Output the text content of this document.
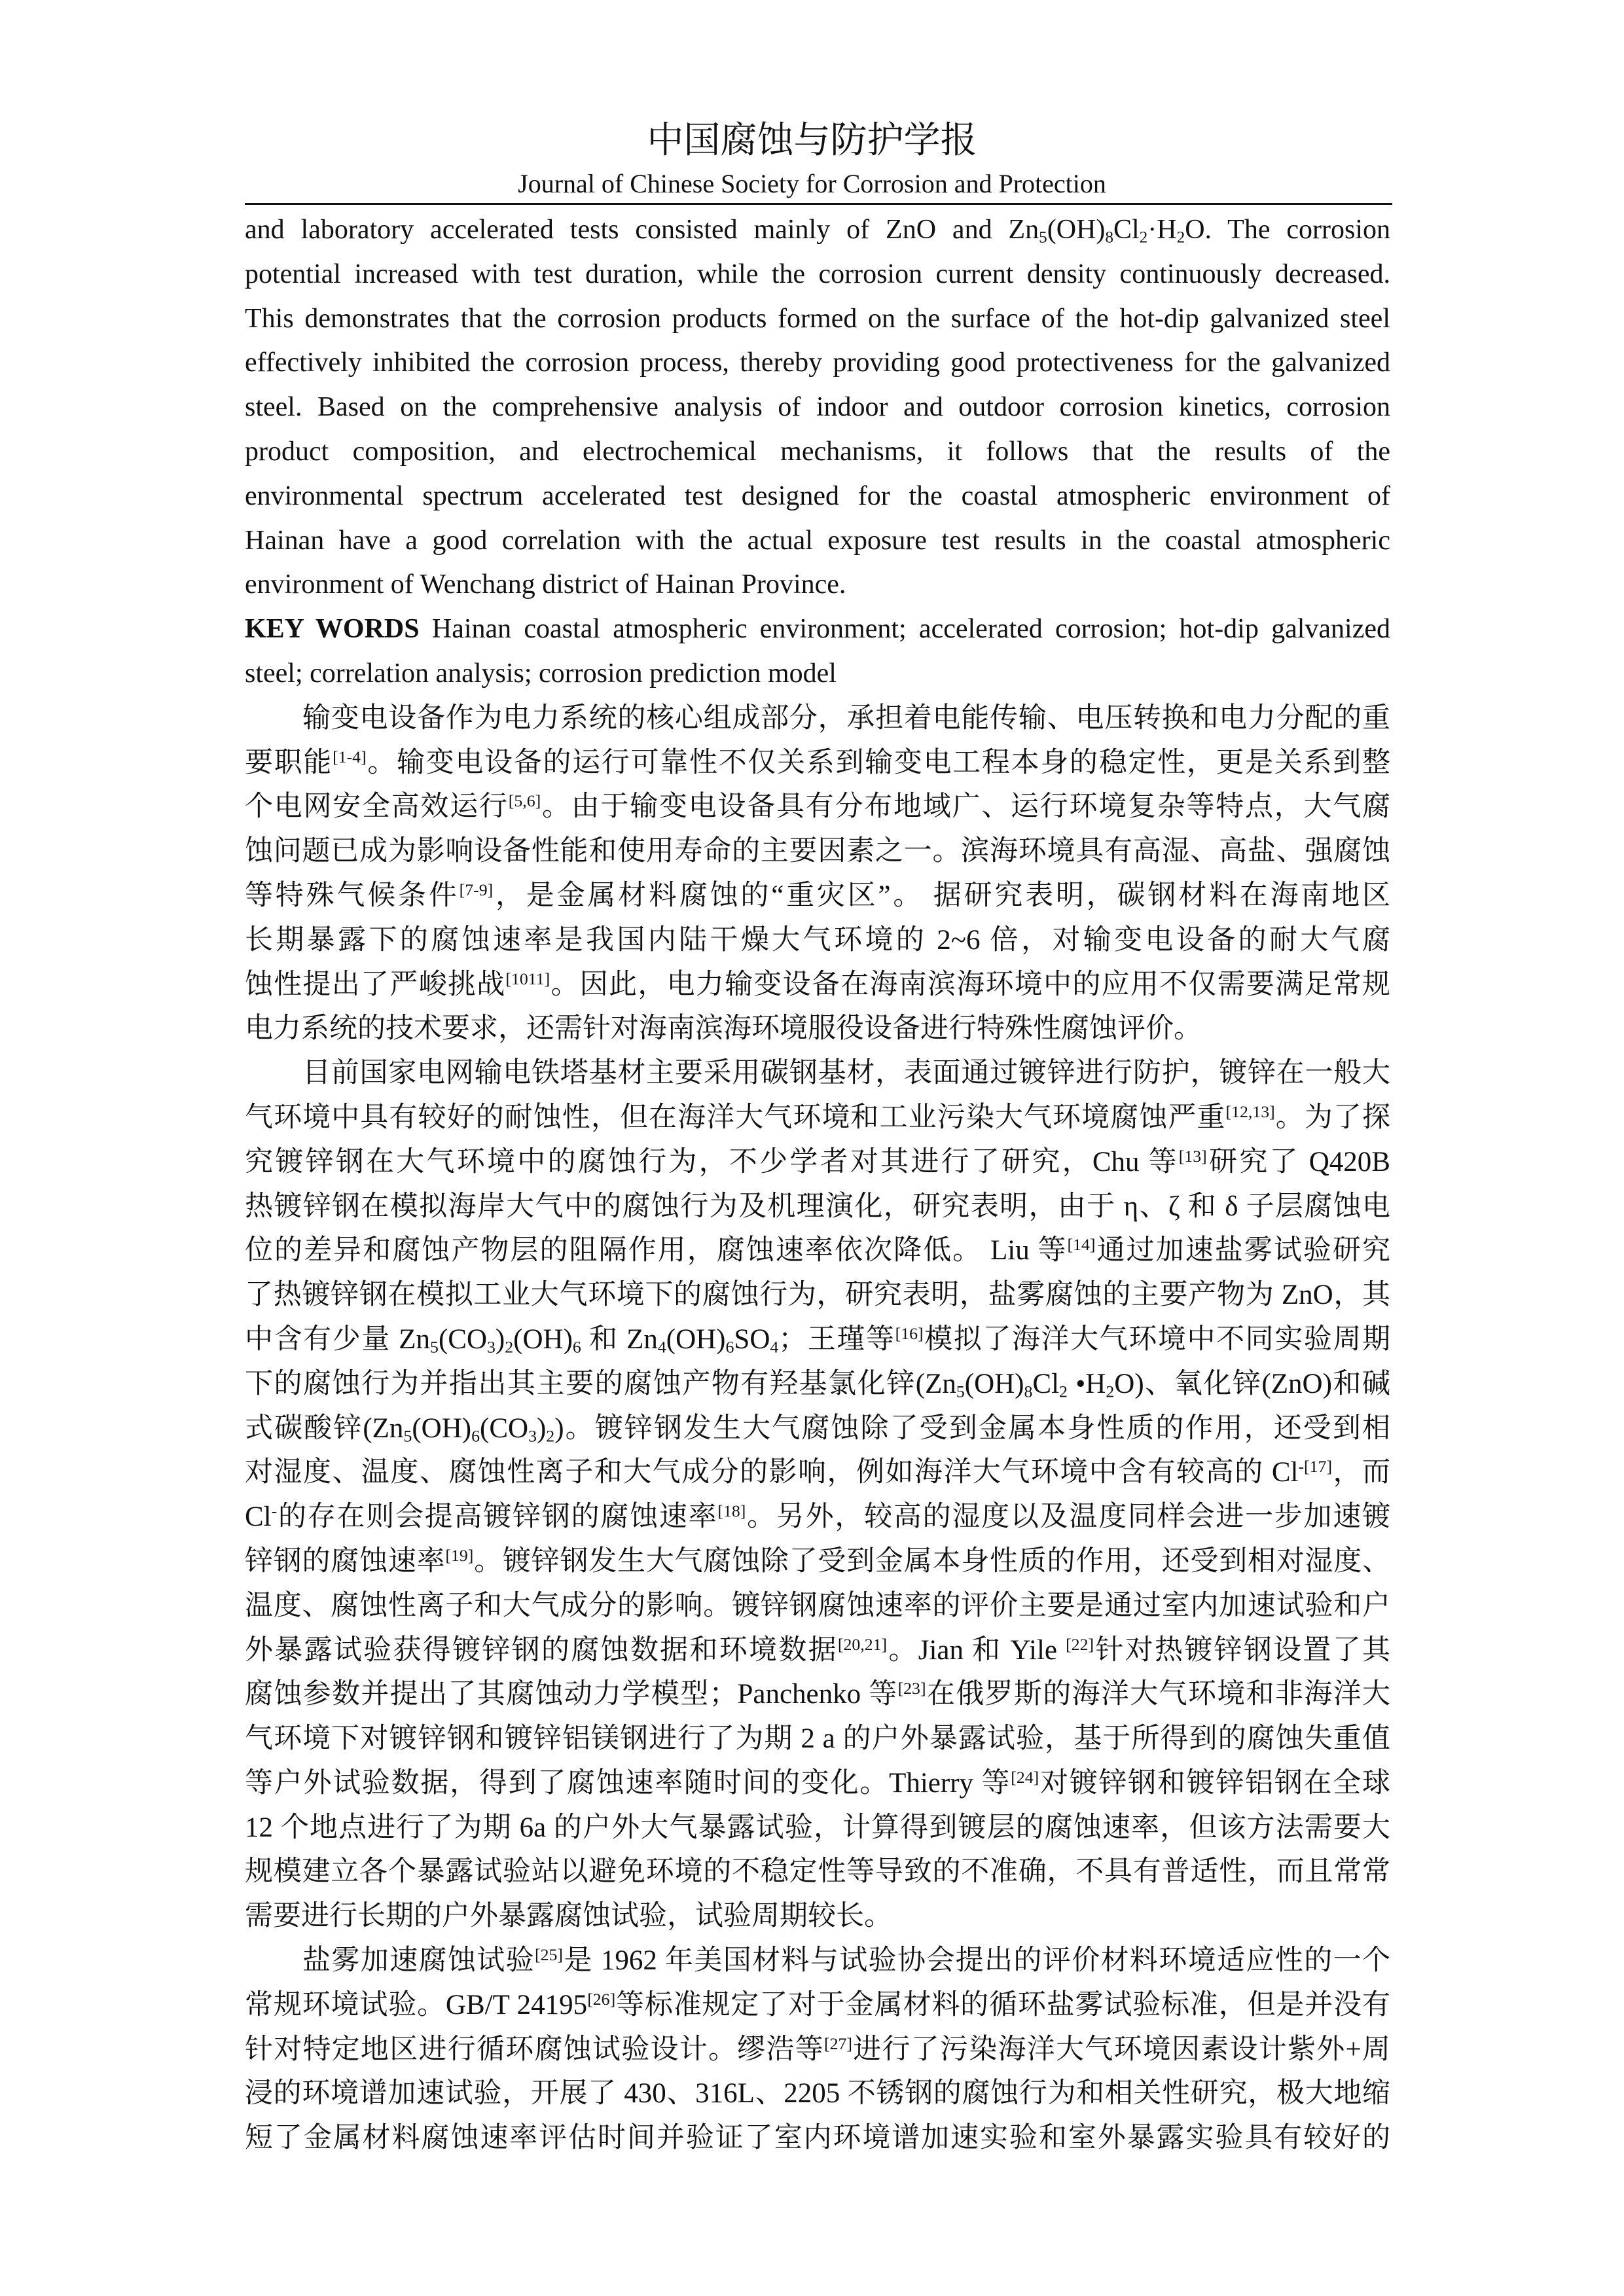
中国腐蚀与防护学报
Journal of Chinese Society for Corrosion and Protection
and laboratory accelerated tests consisted mainly of ZnO and $Zn_5(OH)_8Cl_2\cdot H_2O$. The corrosion
potential increased with test duration, while the corrosion current density continuously decreased.
This demonstrates that the corrosion products formed on the surface of the hot-dip galvanized steel
effectively inhibited the corrosion process, thereby providing good protectiveness for the galvanized
steel. Based on the comprehensive analysis of indoor and outdoor corrosion kinetics, corrosion
product composition, and electrochemical mechanisms, it follows that the results of the
environmental spectrum accelerated test designed for the coastal atmospheric environment of
Hainan have a good correlation with the actual exposure test results in the coastal atmospheric
environment of Wenchang district of Hainan Province.
KEY WORDS Hainan coastal atmospheric environment; accelerated corrosion; hot-dip galvanized
steel; correlation analysis; corrosion prediction model
输变电设备作为电力系统的核心组成部分，承担着电能传输、电压转换和电力分配的重
要职能[1-4]。输变电设备的运行可靠性不仅关系到输变电工程本身的稳定性，更是关系到整
个电网安全高效运行[5,6]。由于输变电设备具有分布地域广、运行环境复杂等特点，大气腐
蚀问题已成为影响设备性能和使用寿命的主要因素之一。滨海环境具有高湿、高盐、强腐蚀
等特殊气候条件[7-9]，是金属材料腐蚀的“重灾区”。 据研究表明，碳钢材料在海南地区
长期暴露下的腐蚀速率是我国内陆干燥大气环境的 2~6 倍，对输变电设备的耐大气腐
蚀性提出了严峻挑战[1011]。因此，电力输变设备在海南滨海环境中的应用不仅需要满足常规
电力系统的技术要求，还需针对海南滨海环境服役设备进行特殊性腐蚀评价。
目前国家电网输电铁塔基材主要采用碳钢基材，表面通过镀锌进行防护，镀锌在一般大
气环境中具有较好的耐蚀性，但在海洋大气环境和工业污染大气环境腐蚀严重[12,13]。为了探
究镀锌钢在大气环境中的腐蚀行为，不少学者对其进行了研究，Chu 等[13]研究了 Q420B
热镀锌钢在模拟海岸大气中的腐蚀行为及机理演化，研究表明，由于 η、ζ 和 δ 子层腐蚀电
位的差异和腐蚀产物层的阻隔作用，腐蚀速率依次降低。 Liu 等[14]通过加速盐雾试验研究
了热镀锌钢在模拟工业大气环境下的腐蚀行为，研究表明，盐雾腐蚀的主要产物为 ZnO，其
中含有少量 $Zn_5(CO_3)_2(OH)_6$ 和 $Zn_4(OH)_6SO_4$；王瑾等[16]模拟了海洋大气环境中不同实验周期
下的腐蚀行为并指出其主要的腐蚀产物有羟基氯化锌($Zn_5(OH)_8Cl_2$ $•H_2O$)、氧化锌(ZnO)和碱
式碳酸锌$(Zn_5(OH)_6(CO_3)_2)$。镀锌钢发生大气腐蚀除了受到金属本身性质的作用，还受到相
对湿度、温度、腐蚀性离子和大气成分的影响，例如海洋大气环境中含有较高的 $Cl^{-[17]}$，而
Cl-的存在则会提高镀锌钢的腐蚀速率[18]。另外，较高的湿度以及温度同样会进一步加速镀
锌钢的腐蚀速率[19]。镀锌钢发生大气腐蚀除了受到金属本身性质的作用，还受到相对湿度、
温度、腐蚀性离子和大气成分的影响。镀锌钢腐蚀速率的评价主要是通过室内加速试验和户
外暴露试验获得镀锌钢的腐蚀数据和环境数据[20,21]。Jian 和 Yile [22]针对热镀锌钢设置了其
腐蚀参数并提出了其腐蚀动力学模型；Panchenko 等[23]在俄罗斯的海洋大气环境和非海洋大
气环境下对镀锌钢和镀锌铝镁钢进行了为期 2 a 的户外暴露试验，基于所得到的腐蚀失重值
等户外试验数据，得到了腐蚀速率随时间的变化。Thierry 等[24]对镀锌钢和镀锌铝钢在全球
12 个地点进行了为期 6a 的户外大气暴露试验，计算得到镀层的腐蚀速率，但该方法需要大
规模建立各个暴露试验站以避免环境的不稳定性等导致的不准确，不具有普适性，而且常常
需要进行长期的户外暴露腐蚀试验，试验周期较长。
盐雾加速腐蚀试验[25]是 1962 年美国材料与试验协会提出的评价材料环境适应性的一个
常规环境试验。GB/T 24195[26]等标准规定了对于金属材料的循环盐雾试验标准，但是并没有
针对特定地区进行循环腐蚀试验设计。缪浩等[27]进行了污染海洋大气环境因素设计紫外+周
浸的环境谱加速试验，开展了 430、316L、2205 不锈钢的腐蚀行为和相关性研究，极大地缩
短了金属材料腐蚀速率评估时间并验证了室内环境谱加速实验和室外暴露实验具有较好的
